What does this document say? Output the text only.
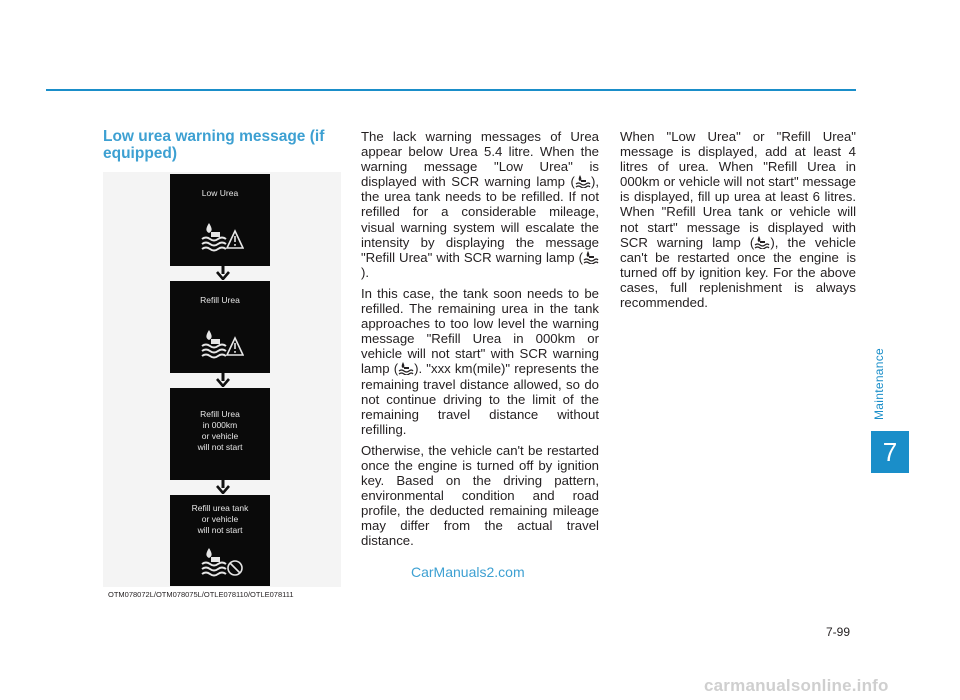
Maintenance
7
Low urea warning message (if equipped)
Low Urea
Refill Urea
Refill Urea
in 000km
or vehicle
will not start
Refill urea tank
or vehicle
will not start
OTM078072L/OTM078075L/OTLE078110/OTLE078111

The lack warning messages of Urea appear below Urea 5.4 litre. When the warning message "Low Urea" is displayed with SCR warning lamp ( ), the urea tank needs to be refilled. If not refilled for a considerable mileage, visual warning system will escalate the intensity by displaying the message "Refill Urea" with SCR warning lamp ().

In this case, the tank soon needs to be refilled. The remaining urea in the tank approaches to too low level the warning message "Refill Urea in 000km or vehicle will not start" with SCR warning lamp ( ). "xxx km(mile)" represents the remaining travel distance allowed, so do not continue driving to the limit of the remaining travel distance without refilling.

Otherwise, the vehicle can't be restarted once the engine is turned off by ignition key. Based on the driving pattern, environmental condition and road profile, the deducted remaining mileage may differ from the actual travel distance.

When "Low Urea" or "Refill Urea" message is displayed, add at least 4 litres of urea. When "Refill Urea in 000km or vehicle will not start" message is displayed, fill up urea at least 6 litres. When "Refill Urea tank or vehicle will not start" message is displayed with SCR warning lamp ( ), the vehicle can't be restarted once the engine is turned off by ignition key. For the above cases, full replenishment is always recommended.

CarManuals2.com
7-99
carmanualsonline.info
